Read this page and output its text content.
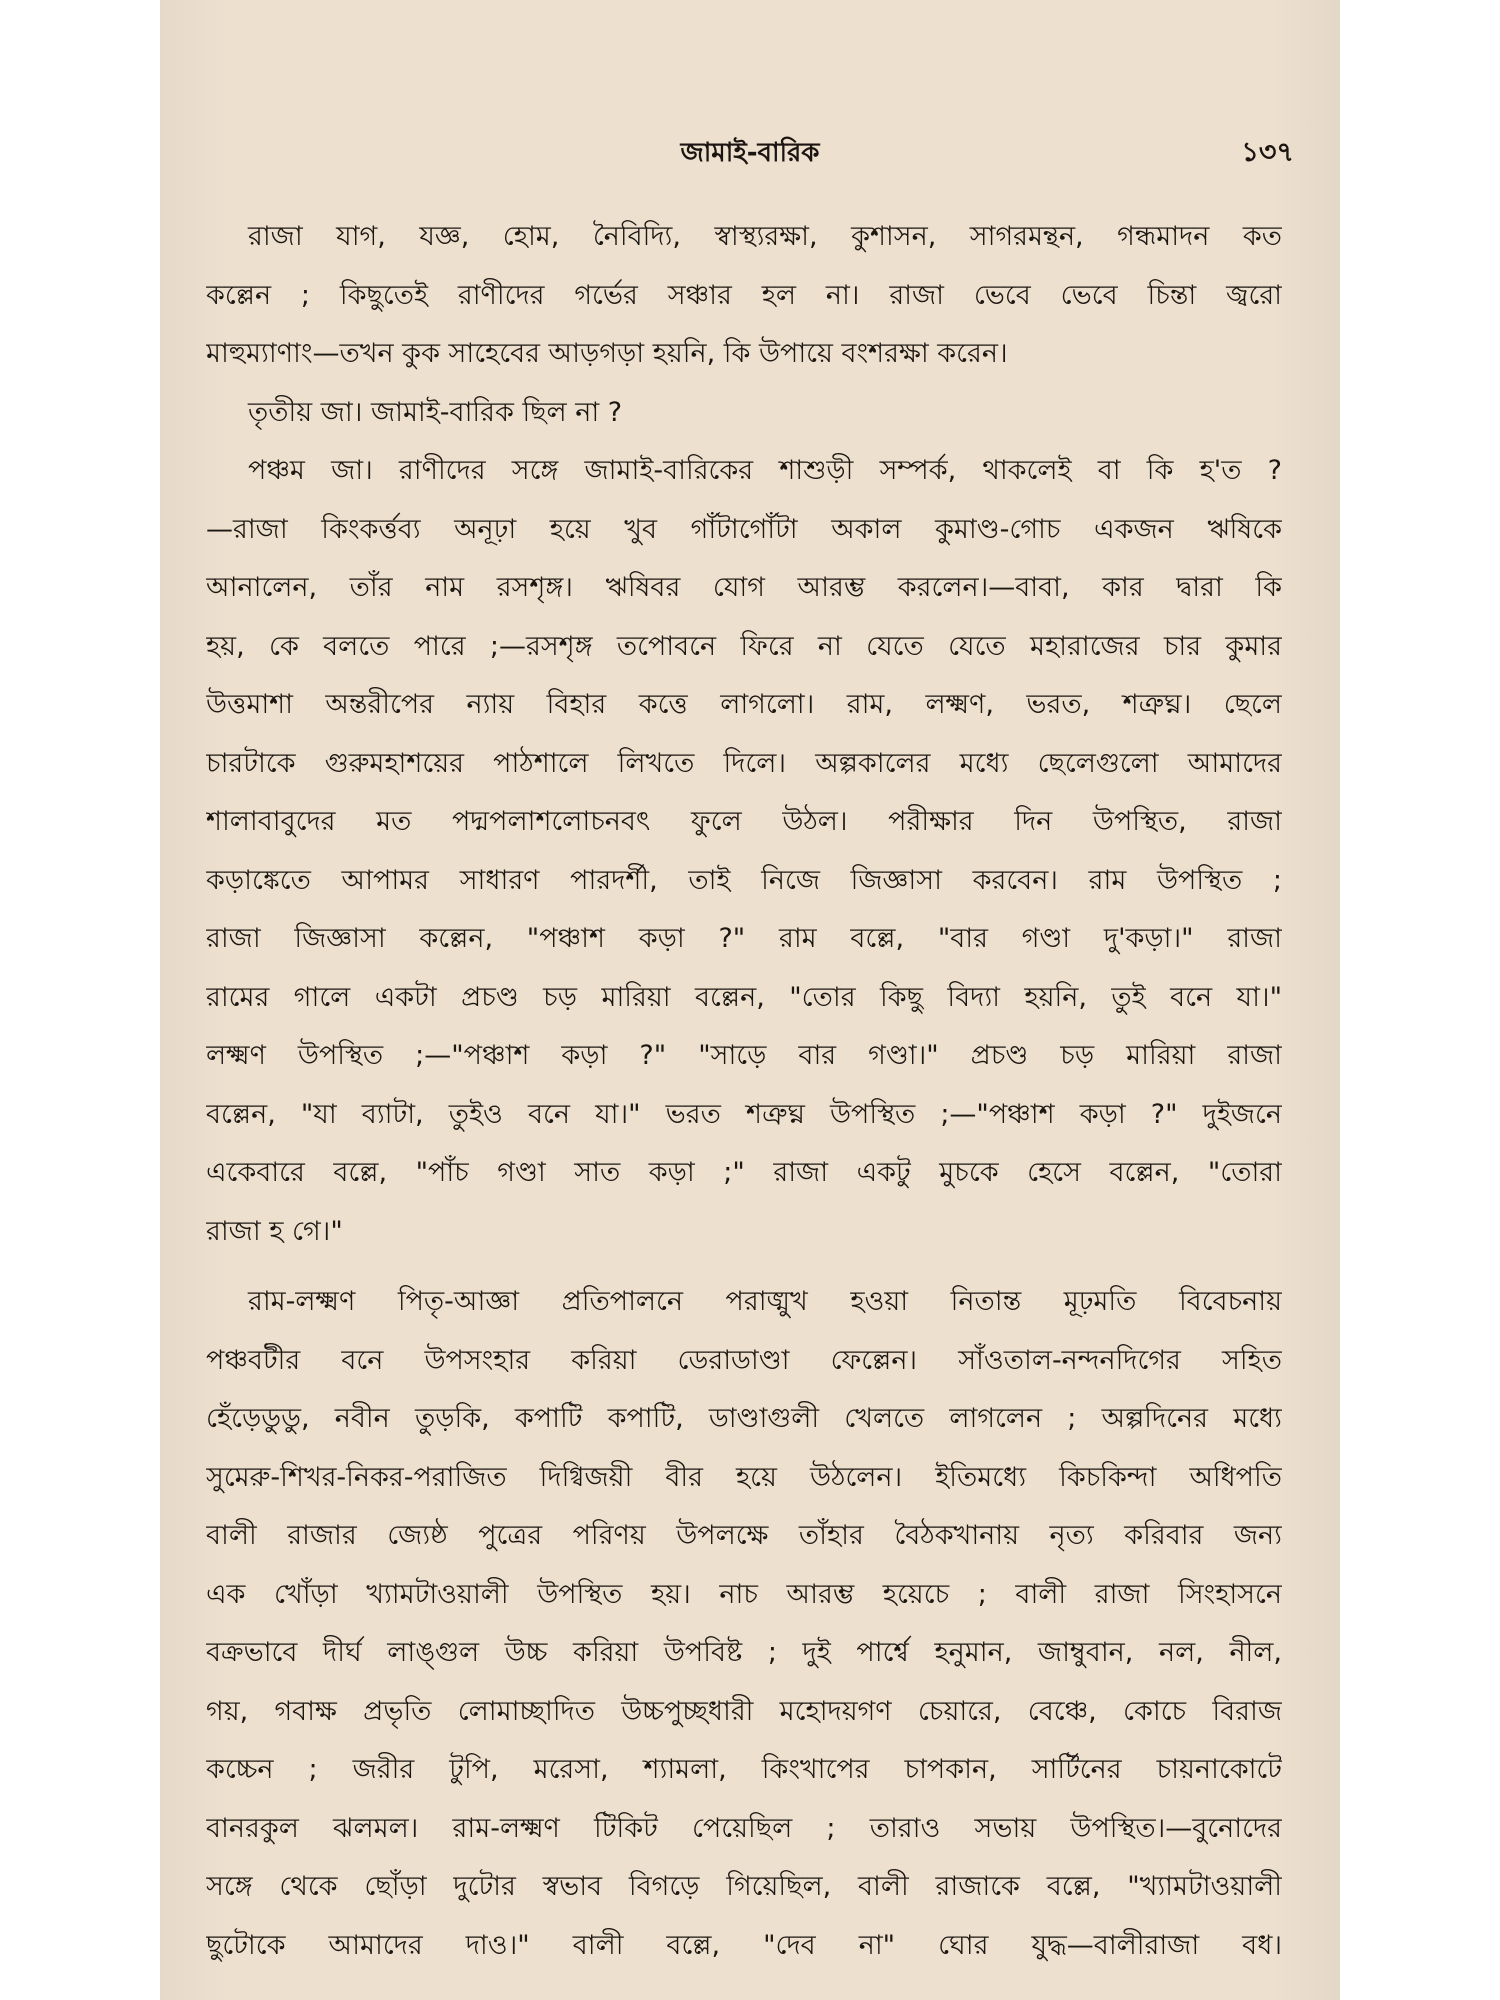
জামাই-বারিক	১৩৭
রাজা যাগ, যজ্ঞ, হোম, নৈবিদ্যি, স্বাস্থ্যরক্ষা, কুশাসন, সাগরমন্থন, গন্ধমাদন কত
কল্লেন ; কিছুতেই রাণীদের গর্ভের সঞ্চার হল না। রাজা ভেবে ভেবে চিন্তা জ্বরো
মাহুম্যাণাং—তখন কুক সাহেবের আড়গড়া হয়নি, কি উপায়ে বংশরক্ষা করেন।
তৃতীয় জা। জামাই-বারিক ছিল না ?
পঞ্চম জা। রাণীদের সঙ্গে জামাই-বারিকের শাশুড়ী সম্পর্ক, থাকলেই বা কি হ'ত ?
—রাজা কিংকর্ত্তব্য অনূঢ়া হয়ে খুব গাঁটাগোঁটা অকাল কুমাণ্ড-গোচ একজন ঋষিকে
আনালেন, তাঁর নাম রসশৃঙ্গ। ঋষিবর যোগ আরম্ভ করলেন।—বাবা, কার দ্বারা কি
হয়, কে বলতে পারে ;—রসশৃঙ্গ তপোবনে ফিরে না যেতে যেতে মহারাজের চার কুমার
উত্তমাশা অন্তরীপের ন্যায় বিহার কত্তে লাগলো। রাম, লক্ষ্মণ, ভরত, শত্রুঘ্ন। ছেলে
চারটাকে গুরুমহাশয়ের পাঠশালে লিখতে দিলে। অল্পকালের মধ্যে ছেলেগুলো আমাদের
শালাবাবুদের মত পদ্মপলাশলোচনবৎ ফুলে উঠল। পরীক্ষার দিন উপস্থিত, রাজা
কড়াঙ্কেতে আপামর সাধারণ পারদর্শী, তাই নিজে জিজ্ঞাসা করবেন। রাম উপস্থিত ;
রাজা জিজ্ঞাসা কল্লেন, "পঞ্চাশ কড়া ?" রাম বল্লে, "বার গণ্ডা দু'কড়া।" রাজা
রামের গালে একটা প্রচণ্ড চড় মারিয়া বল্লেন, "তোর কিছু বিদ্যা হয়নি, তুই বনে যা।"
লক্ষ্মণ উপস্থিত ;—"পঞ্চাশ কড়া ?" "সাড়ে বার গণ্ডা।" প্রচণ্ড চড় মারিয়া রাজা
বল্লেন, "যা ব্যাটা, তুইও বনে যা।" ভরত শত্রুঘ্ন উপস্থিত ;—"পঞ্চাশ কড়া ?" দুইজনে
একেবারে বল্লে, "পাঁচ গণ্ডা সাত কড়া ;" রাজা একটু মুচকে হেসে বল্লেন, "তোরা
রাজা হ গে।"
রাম-লক্ষ্মণ পিতৃ-আজ্ঞা প্রতিপালনে পরাঙ্মুখ হওয়া নিতান্ত মূঢ়মতি বিবেচনায়
পঞ্চবটীর বনে উপসংহার করিয়া ডেরাডাণ্ডা ফেল্লেন। সাঁওতাল-নন্দনদিগের সহিত
হেঁড়েডুডু, নবীন তুড়কি, কপাটি কপাটি, ডাণ্ডাগুলী খেলতে লাগলেন ; অল্পদিনের মধ্যে
সুমেরু-শিখর-নিকর-পরাজিত দিগ্বিজয়ী বীর হয়ে উঠলেন। ইতিমধ্যে কিচকিন্দা অধিপতি
বালী রাজার জ্যেষ্ঠ পুত্রের পরিণয় উপলক্ষে তাঁহার বৈঠকখানায় নৃত্য করিবার জন্য
এক খোঁড়া খ্যামটাওয়ালী উপস্থিত হয়। নাচ আরম্ভ হয়েচে ; বালী রাজা সিংহাসনে
বক্রভাবে দীর্ঘ লাঙ্গুল উচ্চ করিয়া উপবিষ্ট ; দুই পার্শ্বে হনুমান, জাম্বুবান, নল, নীল,
গয়, গবাক্ষ প্রভৃতি লোমাচ্ছাদিত উচ্চপুচ্ছধারী মহোদয়গণ চেয়ারে, বেঞ্চে, কোচে বিরাজ
কচ্চেন ; জরীর টুপি, মরেসা, শ্যামলা, কিংখাপের চাপকান, সার্টিনের চায়নাকোটে
বানরকুল ঝলমল। রাম-লক্ষ্মণ টিকিট পেয়েছিল ; তারাও সভায় উপস্থিত।—বুনোদের
সঙ্গে থেকে ছোঁড়া দুটোর স্বভাব বিগড়ে গিয়েছিল, বালী রাজাকে বল্লে, "খ্যামটাওয়ালী
ছুটোকে আমাদের দাও।" বালী বল্লে, "দেব না" ঘোর যুদ্ধ—বালীরাজা বধ।
